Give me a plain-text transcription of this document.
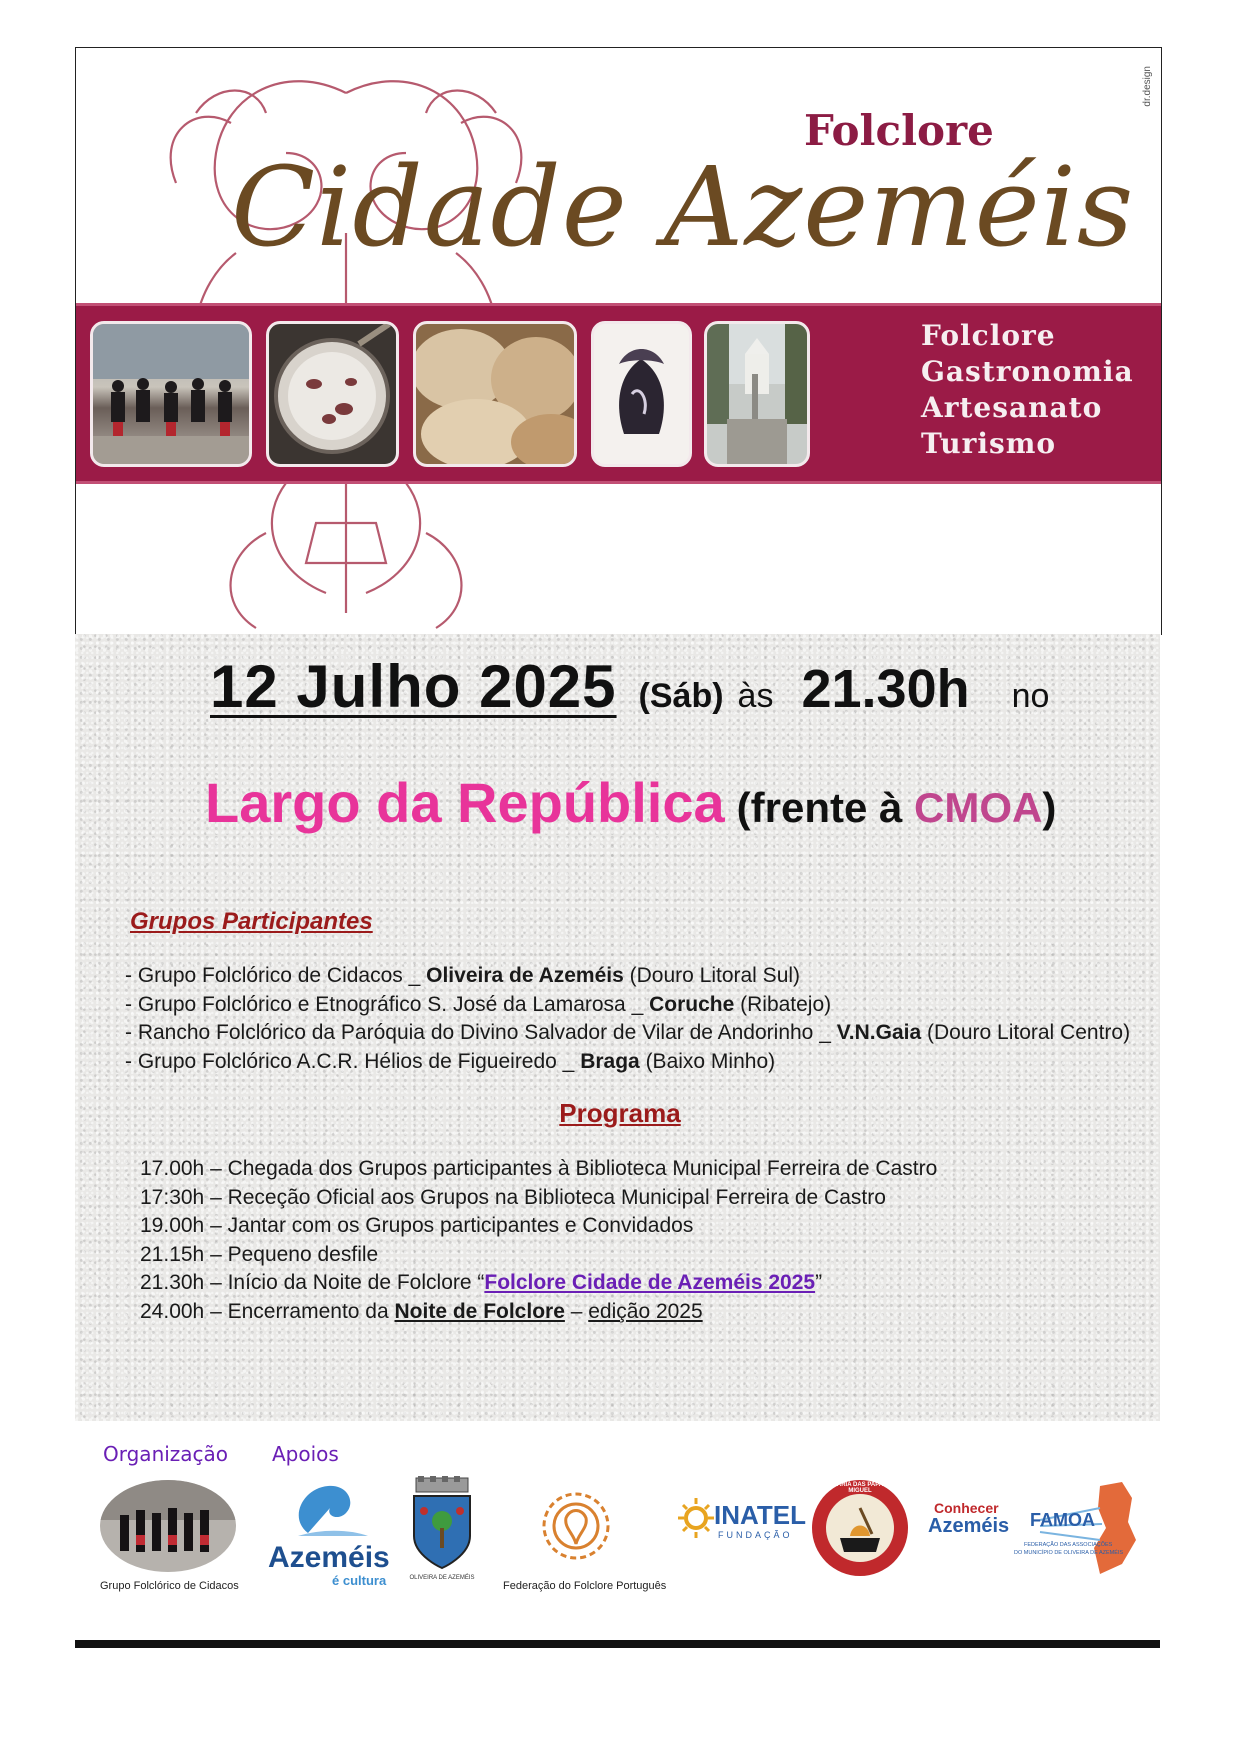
dr.design
Folclore
Cidade Azeméis
Folclore
Gastronomia
Artesanato
Turismo
12 Julho 2025 (Sáb) às 21.30h no
Largo da República (frente à CMOA)
Grupos Participantes
- Grupo Folclórico de Cidacos _ Oliveira de Azeméis (Douro Litoral Sul)
- Grupo Folclórico e Etnográfico S. José da Lamarosa _ Coruche (Ribatejo)
- Rancho Folclórico da Paróquia do Divino Salvador de Vilar de Andorinho _ V.N.Gaia (Douro Litoral Centro)
- Grupo Folclórico A.C.R. Hélios de Figueiredo _ Braga (Baixo Minho)
Programa
17.00h – Chegada dos Grupos participantes à Biblioteca Municipal Ferreira de Castro
17:30h – Receção Oficial aos Grupos na Biblioteca Municipal Ferreira de Castro
19.00h – Jantar com os Grupos participantes e Convidados
21.15h – Pequeno desfile
21.30h – Início da Noite de Folclore “Folclore Cidade de Azeméis 2025”
24.00h – Encerramento da Noite de Folclore – edição 2025
Organização Apoios
Grupo Folclórico de Cidacos
Azeméis
é cultura	OLIVEIRA DE AZEMÉIS
Federação do Folclore Português
INATEL
FUNDAÇÃO
CONFRARIA DAS PAPAS DE S. MIGUEL
Conhecer
Azeméis FAMOA
FEDERAÇÃO DAS ASSOCIAÇÕES
DO MUNICÍPIO DE OLIVEIRA DE AZEMÉIS
